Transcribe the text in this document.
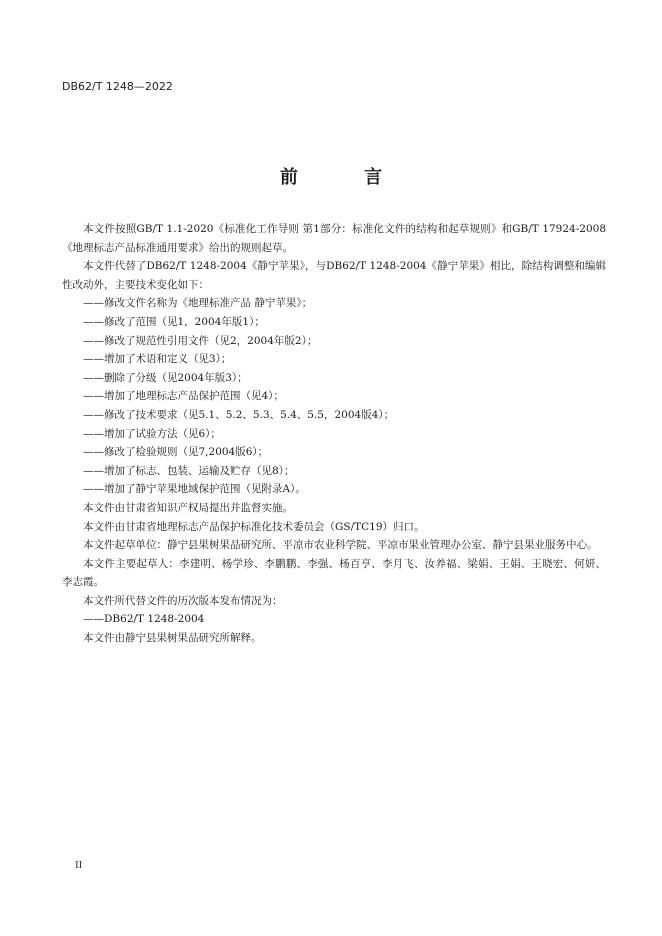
DB62/T 1248—2022
前 言

本文件按照GB/T 1.1-2020《标准化工作导则 第1部分：标准化文件的结构和起草规则》和GB/T 17924-2008《地理标志产品标准通用要求》给出的规则起草。

本文件代替了DB62/T 1248-2004《静宁苹果》，与DB62/T 1248-2004《静宁苹果》相比，除结构调整和编辑性改动外，主要技术变化如下：

——修改文件名称为《地理标准产品 静宁苹果》；

——修改了范围（见1，2004年版1）；

——修改了规范性引用文件（见2，2004年版2）；

——增加了术语和定义（见3）；

——删除了分级（见2004年版3）；

——增加了地理标志产品保护范围（见4）；

——修改了技术要求（见5.1、5.2、5.3、5.4、5.5，2004版4）；

——增加了试验方法（见6）；

——修改了检验规则（见7,2004版6）；

——增加了标志、包装、运输及贮存（见8）；

——增加了静宁苹果地域保护范围（见附录A）。

本文件由甘肃省知识产权局提出并监督实施。

本文件由甘肃省地理标志产品保护标准化技术委员会（GS/TC19）归口。

本文件起草单位：静宁县果树果品研究所、平凉市农业科学院、平凉市果业管理办公室、静宁县果业服务中心。

本文件主要起草人：李建明、杨学珍、李鹏鹏、李强、杨百亨、李月飞、汝养福、梁娟、王娟、王晓宏、何妍、李志霞。

本文件所代替文件的历次版本发布情况为：

——DB62/T 1248-2004

本文件由静宁县果树果品研究所解释。

II
